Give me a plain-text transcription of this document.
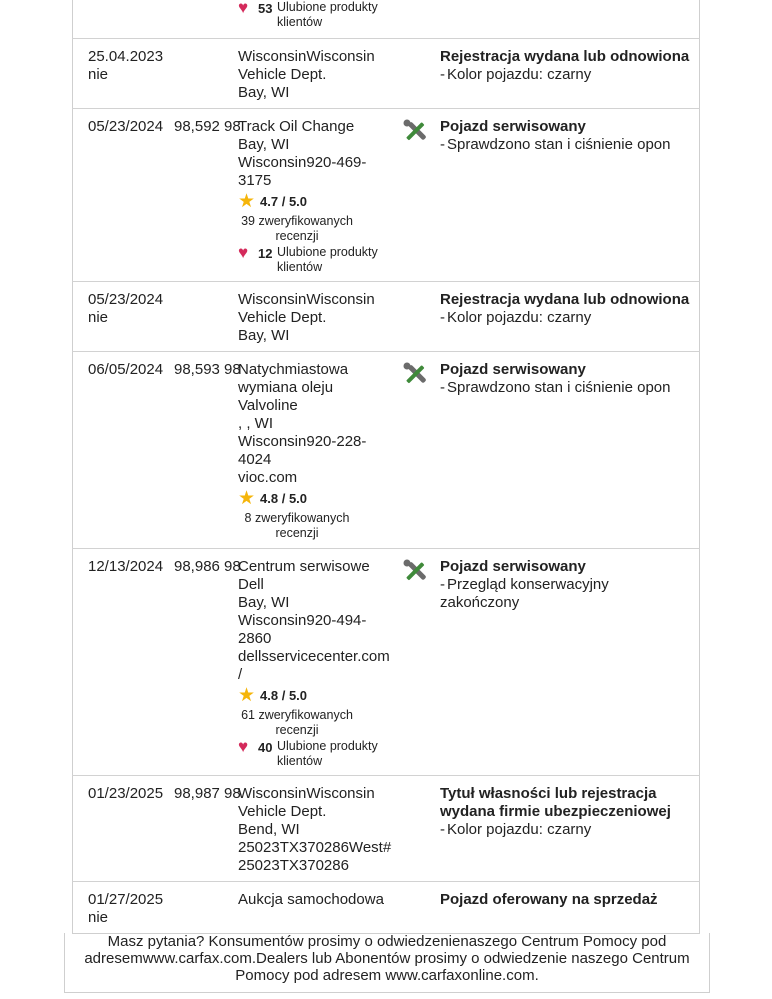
♥ 53 Ulubione produkty klientów
25.04.2023
nie
WisconsinWisconsin
Vehicle Dept.
Bay, WI
Rejestracja wydana lub odnowiona
- Kolor pojazdu: czarny
05/23/2024 98,592 98
Track Oil Change
Bay, WI
Wisconsin920-469-
3175
★ 4.7 / 5.0
39 zweryfikowanych recenzji
♥ 12 Ulubione produkty klientów
Pojazd serwisowany
- Sprawdzono stan i ciśnienie opon
05/23/2024
nie
WisconsinWisconsin
Vehicle Dept.
Bay, WI
Rejestracja wydana lub odnowiona
- Kolor pojazdu: czarny
06/05/2024 98,593 98
Natychmiastowa
wymiana oleju
Valvoline
, , WI
Wisconsin920-228-
4024
vioc.com
★ 4.8 / 5.0
8 zweryfikowanych recenzji
Pojazd serwisowany
- Sprawdzono stan i ciśnienie opon
12/13/2024 98,986 98
Centrum serwisowe
Dell
Bay, WI
Wisconsin920-494-
2860
dellsservicecenter.com
/
★ 4.8 / 5.0
61 zweryfikowanych recenzji
♥ 40 Ulubione produkty klientów
Pojazd serwisowany
- Przegląd konserwacyjny zakończony
01/23/2025 98,987 98
WisconsinWisconsin
Vehicle Dept.
Bend, WI
25023TX370286West#
25023TX370286
Tytuł własności lub rejestracja wydana firmie ubezpieczeniowej
- Kolor pojazdu: czarny
01/27/2025
nie
Aukcja samochodowa	Pojazd oferowany na sprzedaż
Masz pytania? Konsumentów prosimy o odwiedzenienaszego Centrum Pomocy pod adresemwww.carfax.com.Dealers lub Abonentów prosimy o odwiedzenie naszego Centrum Pomocy pod adresem www.carfaxonline.com.
